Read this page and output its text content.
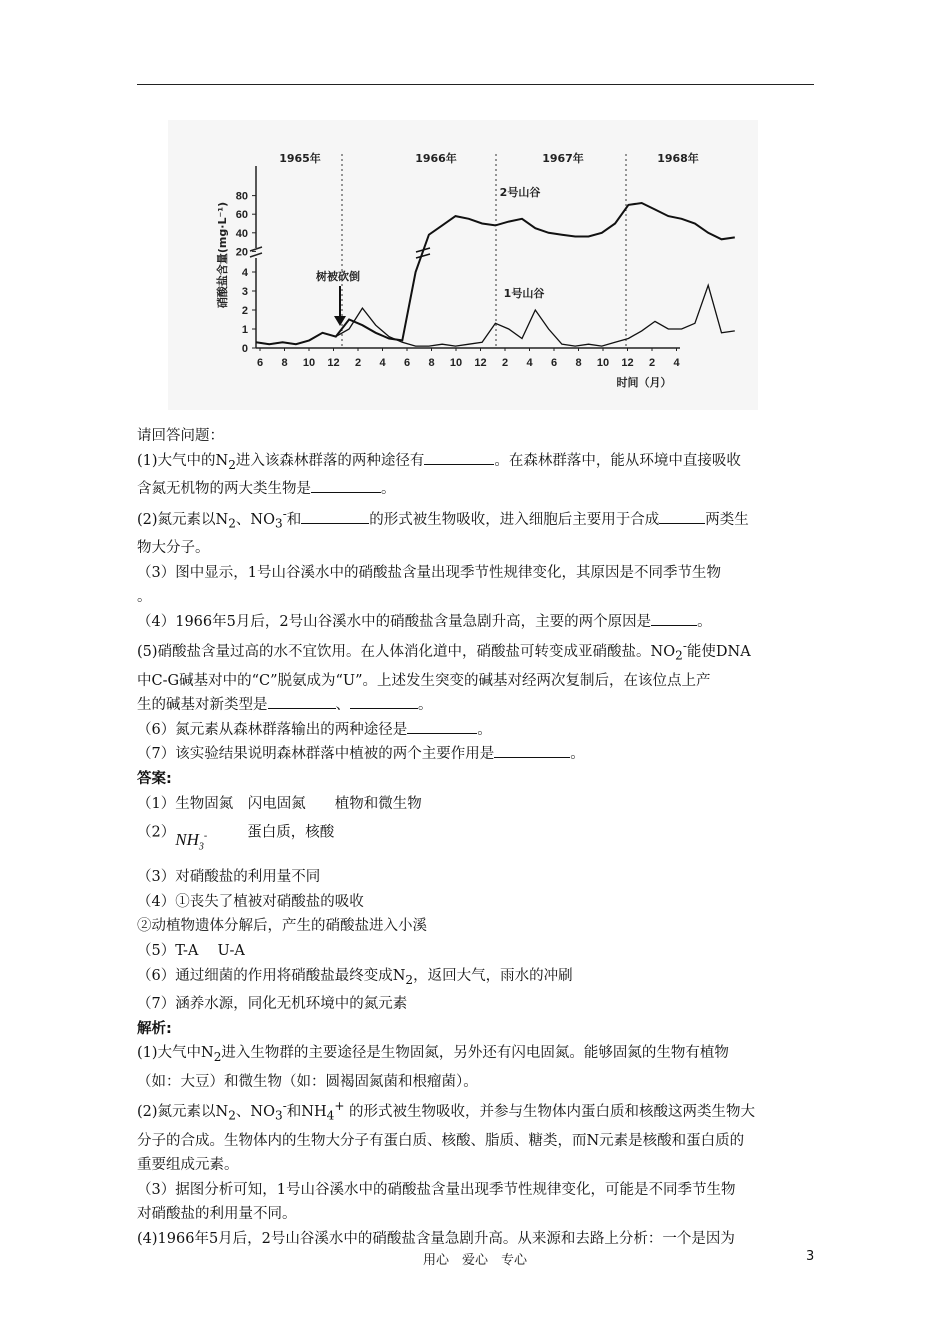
1965年	1966年	1967年	1968年
80
60
40
20
4
3
2
1
0
6 8 10 12 2 4 6 8 10 12 2 4 6 8 10 12 2 4
硝酸盐含量(mg·L⁻¹)
时间（月）
2号山谷
1号山谷
树被砍倒

请回答问题：

(1)大气中的$N_2$进入该森林群落的两种途径有	。在森林群落中，能从环境中直接吸收

含氮无机物的两大类生物是	。

(2)氮元素以$N_2$、$NO_3^-$和	的形式被生物吸收，进入细胞后主要用于合成	两类生

物大分子。

（3）图中显示，1号山谷溪水中的硝酸盐含量出现季节性规律变化，其原因是不同季节生物

。

（4）1966年5月后，2号山谷溪水中的硝酸盐含量急剧升高，主要的两个原因是	。

(5)硝酸盐含量过高的水不宜饮用。在人体消化道中，硝酸盐可转变成亚硝酸盐。$NO_2^-$能使DNA

中C-G碱基对中的“C”脱氨成为“U”。上述发生突变的碱基对经两次复制后，在该位点上产

生的碱基对新类型是	、	。

（6）氮元素从森林群落输出的两种途径是	。

（7）该实验结果说明森林群落中植被的两个主要作用是	。

答案:

（1）生物固氮　闪电固氮　　植物和微生物

$(2)NH_3^-$	蛋白质，核酸

（3）对硝酸盐的利用量不同

（4）①丧失了植被对硝酸盐的吸收

②动植物遗体分解后，产生的硝酸盐进入小溪

（5）T-A　 U-A

（6）通过细菌的作用将硝酸盐最终变成$N_2$，返回大气，雨水的冲刷

（7）涵养水源，同化无机环境中的氮元素

解析:

(1)大气中$N_2$进入生物群的主要途径是生物固氮，另外还有闪电固氮。能够固氮的生物有植物

（如：大豆）和微生物（如：圆褐固氮菌和根瘤菌）。

(2)氮元素以$N_2$、$NO_3^-$和$NH_4^+$ 的形式被生物吸收，并参与生物体内蛋白质和核酸这两类生物大

分子的合成。生物体内的生物大分子有蛋白质、核酸、脂质、糖类，而N元素是核酸和蛋白质的

重要组成元素。

（3）据图分析可知，1号山谷溪水中的硝酸盐含量出现季节性规律变化，可能是不同季节生物

对硝酸盐的利用量不同。

(4)1966年5月后，2号山谷溪水中的硝酸盐含量急剧升高。从来源和去路上分析：一个是因为

用心　爱心　专心	3
